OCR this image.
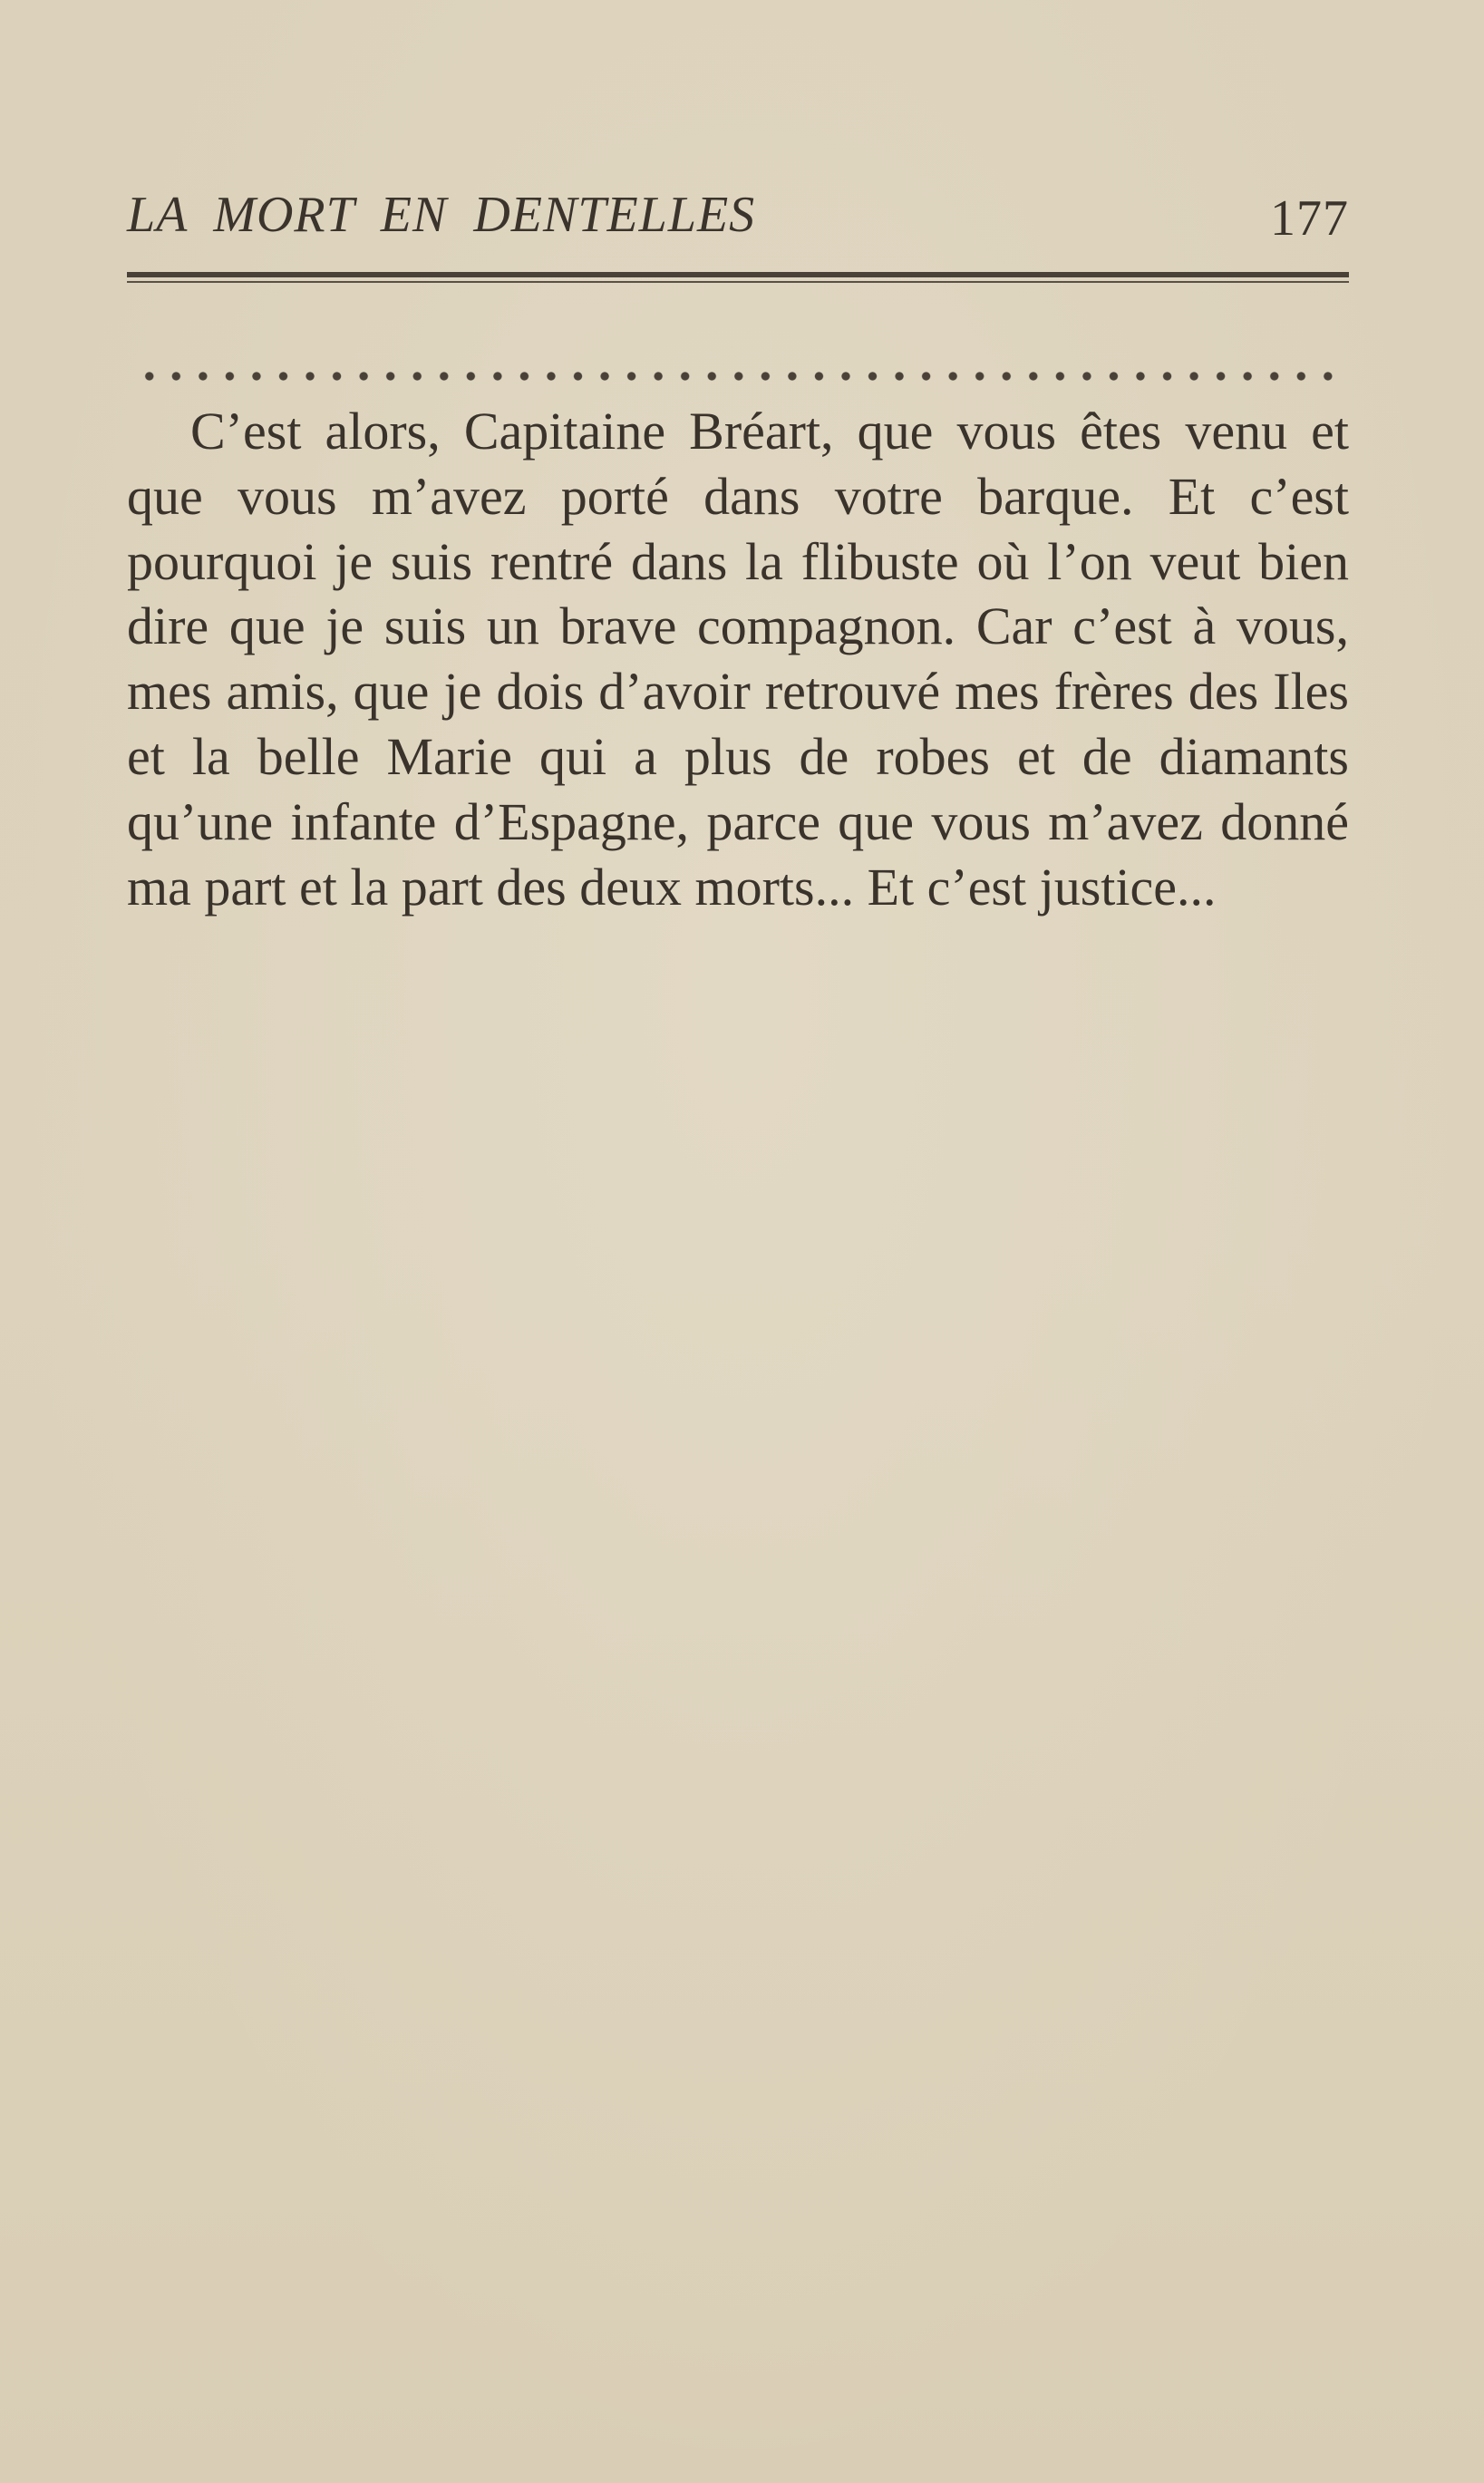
LA MORT EN DENTELLES	177

C’est alors, Capitaine Bréart, que vous êtes venu et que vous m’avez porté dans votre barque. Et c’est pourquoi je suis rentré dans la flibuste où l’on veut bien dire que je suis un brave compagnon. Car c’est à vous, mes amis, que je dois d’avoir retrouvé mes frères des Iles et la belle Marie qui a plus de robes et de diamants qu’une infante d’Espagne, parce que vous m’avez donné ma part et la part des deux morts... Et c’est justice...
